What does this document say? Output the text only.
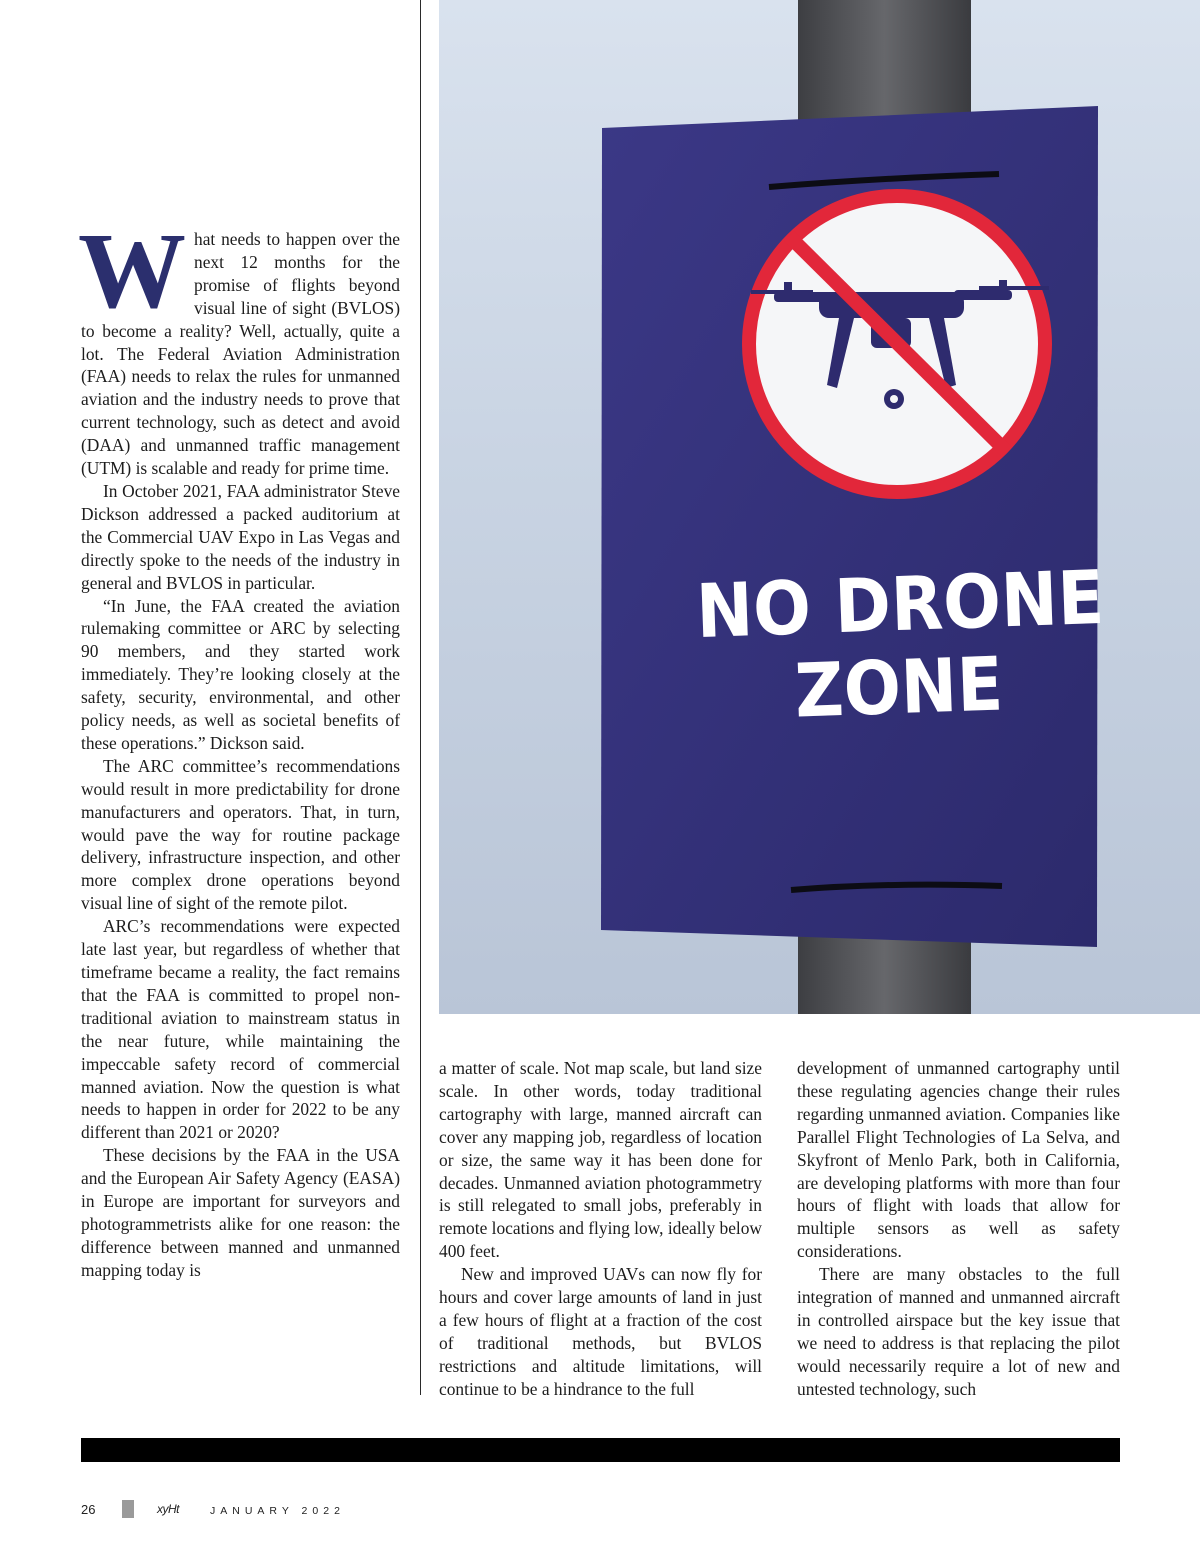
NO DRONE
ZONE

What needs to happen over the next 12 months for the promise of flights beyond visual line of sight (BVLOS) to become a reality? Well, actually, quite a lot. The Federal Aviation Administration (FAA) needs to relax the rules for unmanned aviation and the industry needs to prove that current technology, such as detect and avoid (DAA) and unmanned traffic management (UTM) is scalable and ready for prime time.

In October 2021, FAA administrator Steve Dickson addressed a packed auditorium at the Commercial UAV Expo in Las Vegas and directly spoke to the needs of the industry in general and BVLOS in particular.

“In June, the FAA created the aviation rulemaking committee or ARC by selecting 90 members, and they started work immediately. They’re looking closely at the safety, security, environmental, and other policy needs, as well as societal benefits of these operations.” Dickson said.

The ARC committee’s recommendations would result in more predictability for drone manufacturers and operators. That, in turn, would pave the way for routine package delivery, infrastructure inspection, and other more complex drone operations beyond visual line of sight of the remote pilot.

ARC’s recommendations were expected late last year, but regardless of whether that timeframe became a reality, the fact remains that the FAA is committed to propel non-traditional aviation to mainstream status in the near future, while maintaining the impeccable safety record of commercial manned aviation. Now the question is what needs to happen in order for 2022 to be any different than 2021 or 2020?

These decisions by the FAA in the USA and the European Air Safety Agency (EASA) in Europe are important for surveyors and photogrammetrists alike for one reason: the difference between manned and unmanned mapping today is

a matter of scale. Not map scale, but land size scale. In other words, today traditional cartography with large, manned aircraft can cover any mapping job, regardless of location or size, the same way it has been done for decades. Unmanned aviation photogrammetry is still relegated to small jobs, preferably in remote locations and flying low, ideally below 400 feet.

New and improved UAVs can now fly for hours and cover large amounts of land in just a few hours of flight at a fraction of the cost of traditional methods, but BVLOS restrictions and altitude limitations, will continue to be a hindrance to the full

development of unmanned cartography until these regulating agencies change their rules regarding unmanned aviation. Companies like Parallel Flight Technologies of La Selva, and Skyfront of Menlo Park, both in California, are developing platforms with more than four hours of flight with loads that allow for multiple sensors as well as safety considerations.

There are many obstacles to the full integration of manned and unmanned aircraft in controlled airspace but the key issue that we need to address is that replacing the pilot would necessarily require a lot of new and untested technology, such

26	xyHt	JANUARY 2022
